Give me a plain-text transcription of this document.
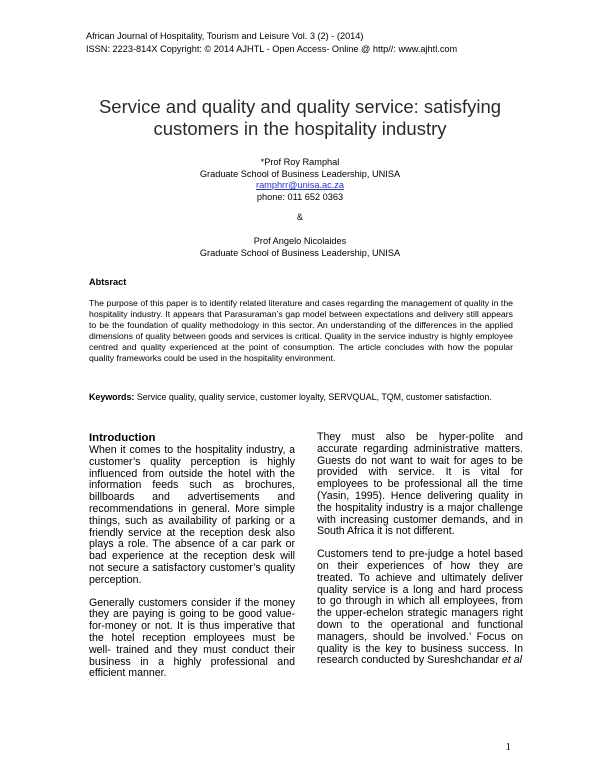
African Journal of Hospitality, Tourism and Leisure Vol. 3 (2) - (2014)
ISSN: 2223-814X Copyright: © 2014 AJHTL - Open Access- Online @ http//: www.ajhtl.com
Service and quality and quality service: satisfying
customers in the hospitality industry
*Prof Roy Ramphal
Graduate School of Business Leadership, UNISA
ramphrr@unisa.ac.za
phone: 011 652 0363
&
Prof Angelo Nicolaides
Graduate School of Business Leadership, UNISA
Abtsract
The purpose of this paper is to identify related literature and cases regarding the management of quality in the hospitality industry. It appears that Parasuraman’s gap model between expectations and delivery still appears to be the foundation of quality methodology in this sector. An understanding of the differences in the applied dimensions of quality between goods and services is critical. Quality in the service industry is highly employee centred and quality experienced at the point of consumption. The article concludes with how the popular quality frameworks could be used in the hospitality environment.
Keywords: Service quality, quality service, customer loyalty, SERVQUAL, TQM, customer satisfaction.
Introduction

When it comes to the hospitality industry, a customer’s quality perception is highly influenced from outside the hotel with the information feeds such as brochures, billboards and advertisements and recommendations in general. More simple things, such as availability of parking or a friendly service at the reception desk also plays a role. The absence of a car park or bad experience at the reception desk will not secure a satisfactory customer’s quality perception.

Generally customers consider if the money they are paying is going to be good value-for-money or not. It is thus imperative that the hotel reception employees must be well- trained and they must conduct their business in a highly professional and efficient manner.

They must also be hyper-polite and accurate regarding administrative matters. Guests do not want to wait for ages to be provided with service. It is vital for employees to be professional all the time (Yasin, 1995). Hence delivering quality in the hospitality industry is a major challenge with increasing customer demands, and in South Africa it is not different.

Customers tend to pre-judge a hotel based on their experiences of how they are treated. To achieve and ultimately deliver quality service is a long and hard process to go through in which all employees, from the upper-echelon strategic managers right down to the operational and functional managers, should be involved.’ Focus on quality is the key to business success. In research conducted by Sureshchandar et al

1
